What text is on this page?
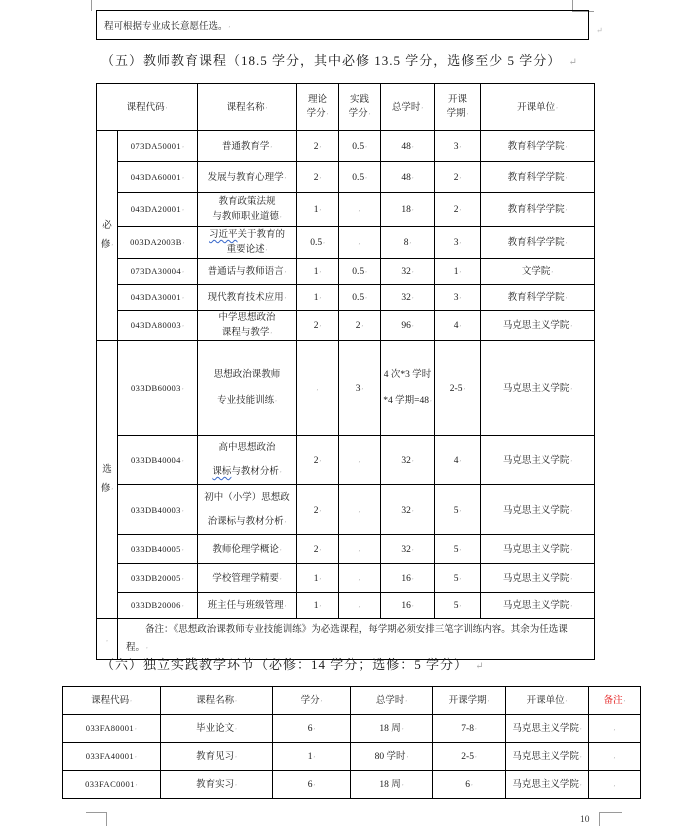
程可根据专业成长意愿任选。 ,	↵
（五）教师教育课程（18.5 学分，其中必修 13.5 学分，选修至少 5 学分） ↵
课程代码 ,		课程名称 ,	理论
学分 ,	实践
学分 ,	总学时 ,	开课
学期 ,	开课单位 ,
必
修 ,	073DA50001 ,	普通教育学 ,	2 ,	0.5 ,	48 ,	3 ,	教育科学学院 ,
	043DA60001 ,	发展与教育心理学 ,	2 ,	0.5 ,	48 ,	2 ,	教育科学学院 ,
	043DA20001 ,	教育政策法规
与教师职业道德 ,	1 ,	,	18 ,	2 ,	教育科学学院 ,
	003DA2003B ,	习近平关于教育的
重要论述 ,	0.5 ,	,	8 ,	3 ,	教育科学学院 ,
	073DA30004 ,	普通话与教师语言 ,	1 ,	0.5 ,	32 ,	1 ,	文学院 ,
	043DA30001 ,	现代教育技术应用 ,	1 ,	0.5 ,	32 ,	3 ,	教育科学学院 ,
	043DA80003 ,	中学思想政治
课程与教学 ,	2 ,	2 ,	96 ,	4 ,	马克思主义学院 ,
选
修 ,	033DB60003 ,	思想政治课教师
专业技能训练 ,	,	3 ,	4 次*3 学时*4 学期=48 ,	2-5 ,	马克思主义学院 ,
	033DB40004 ,	高中思想政治
课标与教材分析 ,	2 ,	,	32 ,	4 ,	马克思主义学院 ,
	033DB40003 ,	初中（小学）思想政
治课标与教材分析 ,	2 ,	,	32 ,	5 ,	马克思主义学院 ,
	033DB40005 ,	教师伦理学概论 ,	2 ,	,	32 ,	5 ,	马克思主义学院 ,
	033DB20005 ,	学校管理学精要 ,	1 ,	,	16 ,	5 ,	马克思主义学院 ,
	033DB20006 ,	班主任与班级管理 ,	1 ,	,	16 ,	5 ,	马克思主义学院 ,
,	
备注：《思想政治课教师专业技能训练》为必选课程，每学期必须安排三笔字训练内容。其余为任选课程。 ,
（六）独立实践教学环节（必修：14 学分；选修：5 学分） ↵
课程代码 ,	课程名称 ,	学分 ,	总学时 ,	开课学期 ,	开课单位 ,	备注 ,
033FA80001 ,	毕业论文 ,	6 ,	18 周 ,	7-8 ,	马克思主义学院 ,	,
033FA40001 ,	教育见习 ,	1 ,	80 学时 ,	2-5 ,	马克思主义学院 ,	,
033FAC0001 ,	教育实习 ,	6 ,	18 周 ,	6 ,	马克思主义学院 ,	,
10
